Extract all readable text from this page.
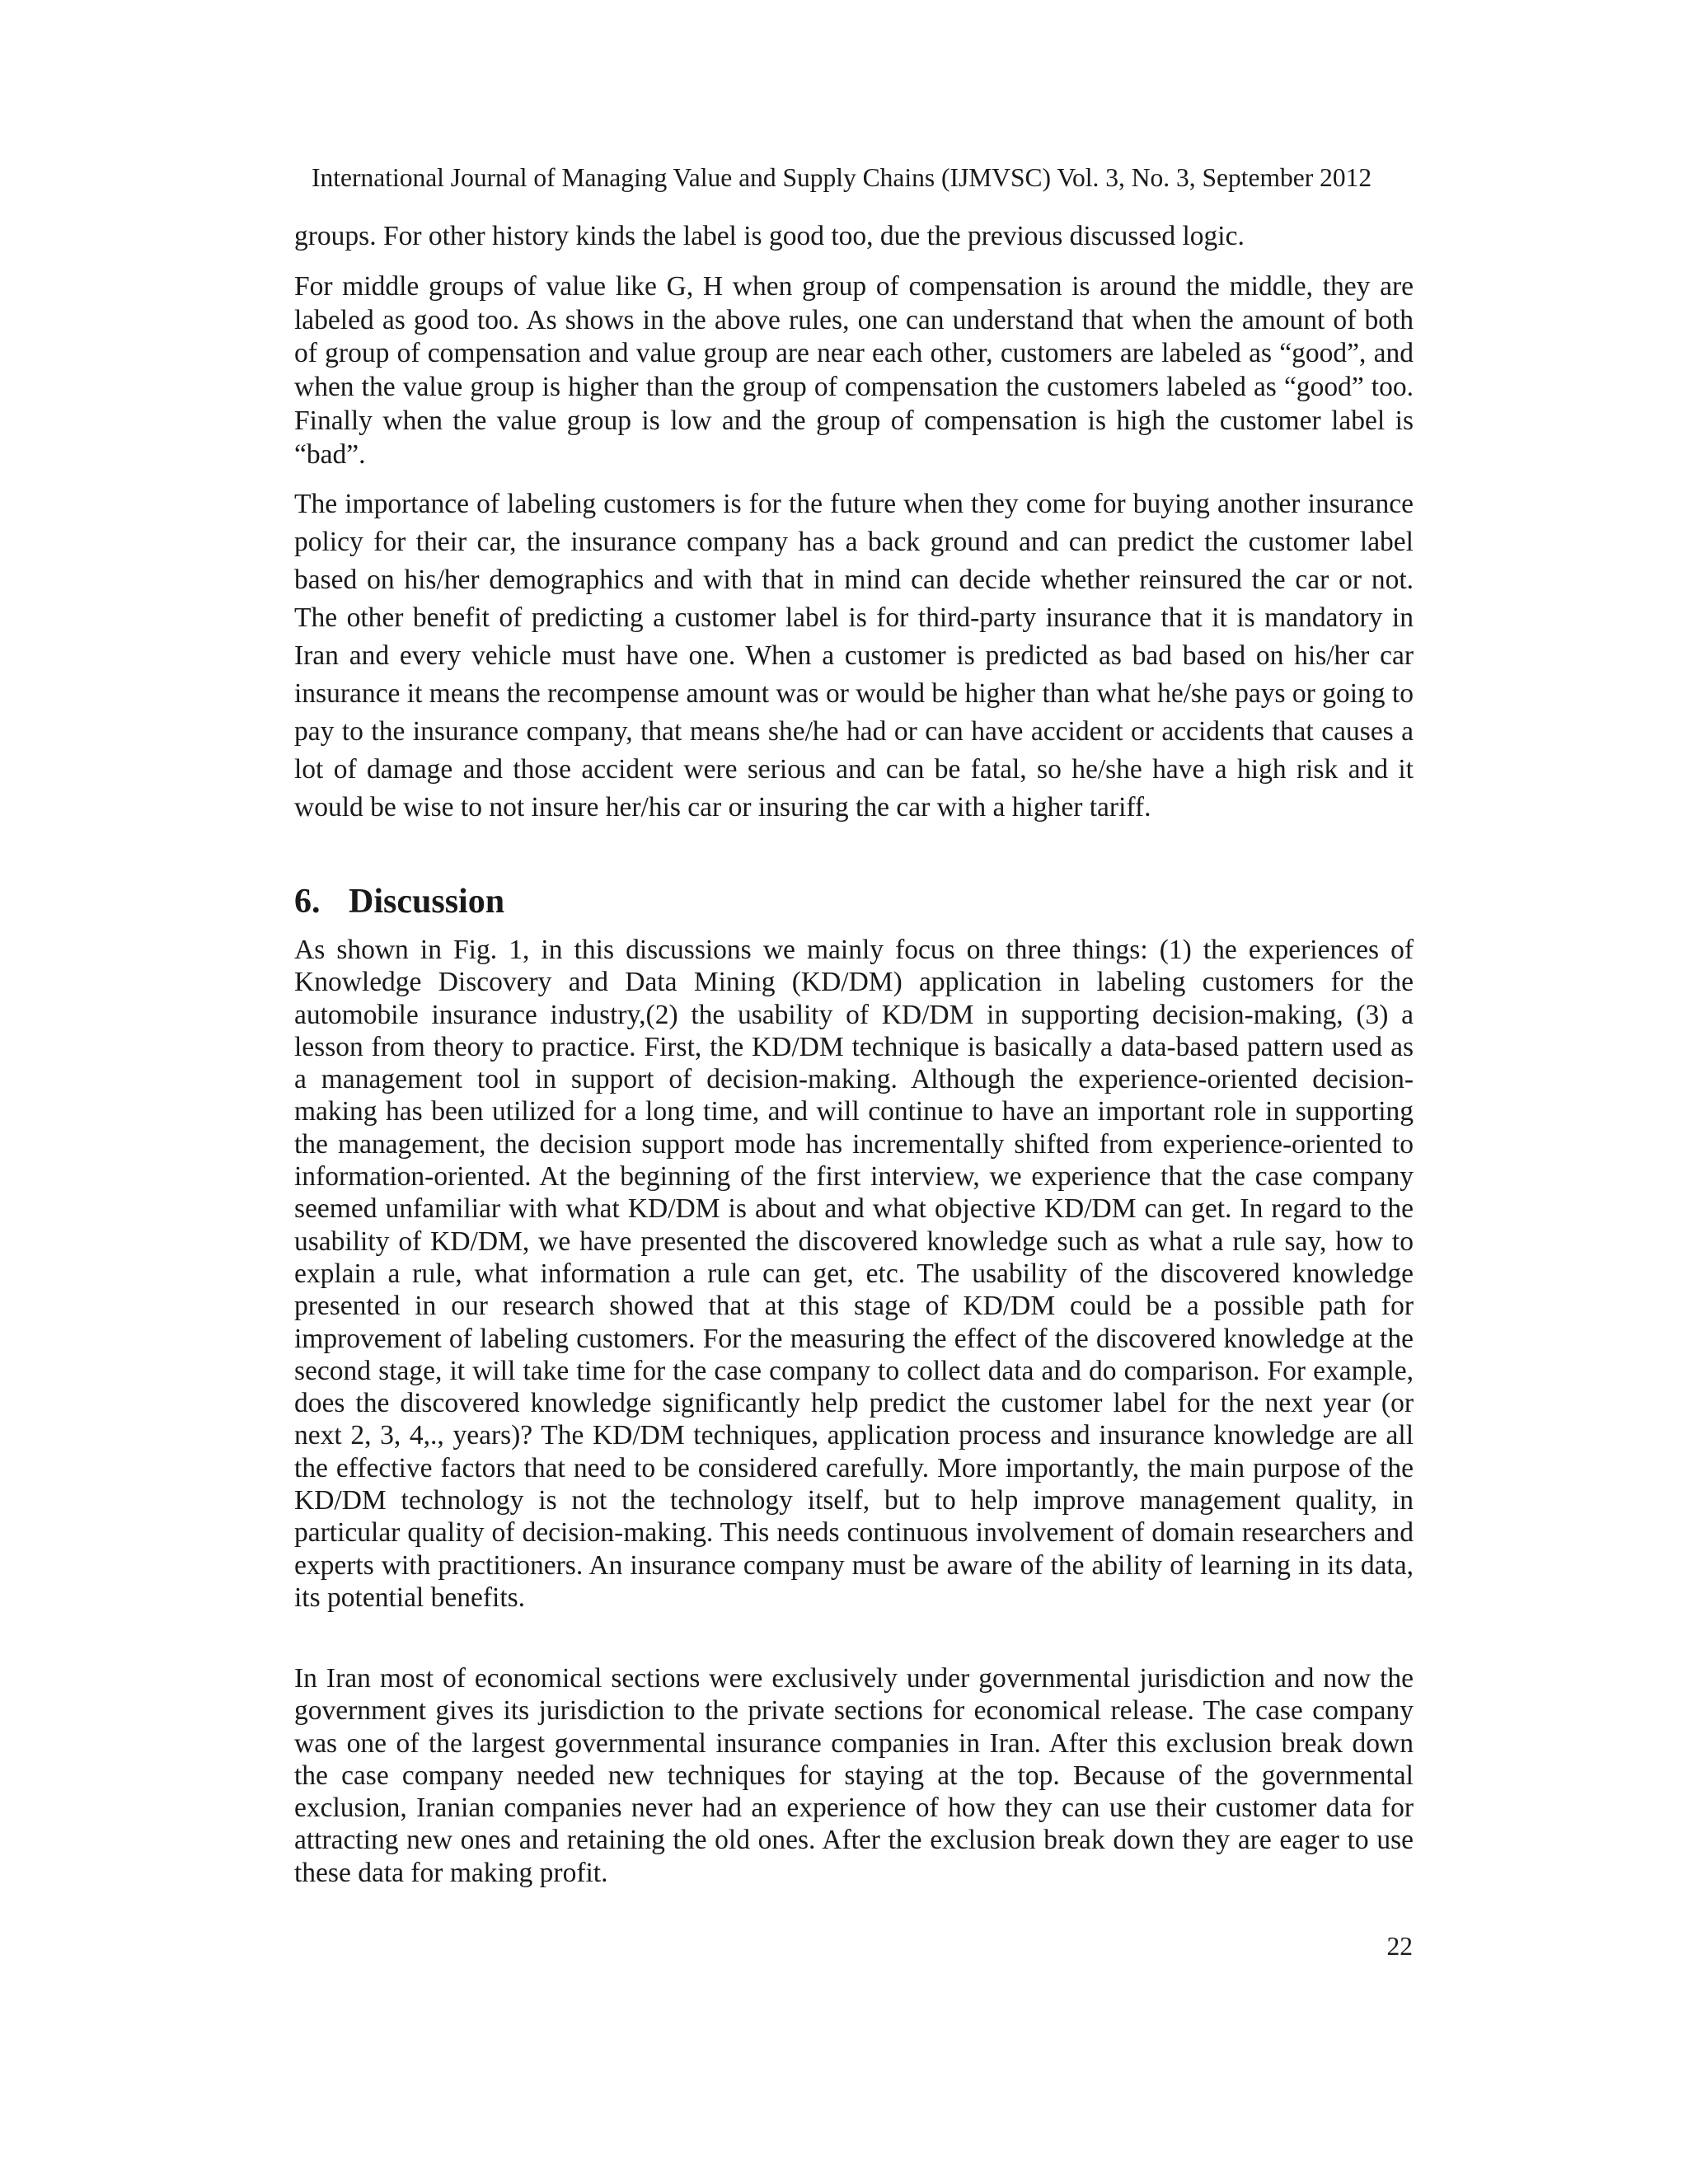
International Journal of Managing Value and Supply Chains (IJMVSC) Vol. 3, No. 3, September 2012

groups. For other history kinds the label is good too, due the previous discussed logic.

For middle groups of value like G, H when group of compensation is around the middle, they are labeled as good too. As shows in the above rules, one can understand that when the amount of both of group of compensation and value group are near each other, customers are labeled as “good”, and when the value group is higher than the group of compensation the customers labeled as “good” too. Finally when the value group is low and the group of compensation is high the customer label is “bad”.

The importance of labeling customers is for the future when they come for buying another insurance policy for their car, the insurance company has a back ground and can predict the customer label based on his/her demographics and with that in mind can decide whether reinsured the car or not. The other benefit of predicting a customer label is for third-party insurance that it is mandatory in Iran and every vehicle must have one. When a customer is predicted as bad based on his/her car insurance it means the recompense amount was or would be higher than what he/she pays or going to pay to the insurance company, that means she/he had or can have accident or accidents that causes a lot of damage and those accident were serious and can be fatal, so he/she have a high risk and it would be wise to not insure her/his car or insuring the car with a higher tariff.

6. Discussion

As shown in Fig. 1, in this discussions we mainly focus on three things: (1) the experiences of Knowledge Discovery and Data Mining (KD/DM) application in labeling customers for the automobile insurance industry,(2) the usability of KD/DM in supporting decision-making, (3) a lesson from theory to practice. First, the KD/DM technique is basically a data-based pattern used as a management tool in support of decision-making. Although the experience-oriented decision-making has been utilized for a long time, and will continue to have an important role in supporting the management, the decision support mode has incrementally shifted from experience-oriented to information-oriented. At the beginning of the first interview, we experience that the case company seemed unfamiliar with what KD/DM is about and what objective KD/DM can get. In regard to the usability of KD/DM, we have presented the discovered knowledge such as what a rule say, how to explain a rule, what information a rule can get, etc. The usability of the discovered knowledge presented in our research showed that at this stage of KD/DM could be a possible path for improvement of labeling customers. For the measuring the effect of the discovered knowledge at the second stage, it will take time for the case company to collect data and do comparison. For example, does the discovered knowledge significantly help predict the customer label for the next year (or next 2, 3, 4,., years)? The KD/DM techniques, application process and insurance knowledge are all the effective factors that need to be considered carefully. More importantly, the main purpose of the KD/DM technology is not the technology itself, but to help improve management quality, in particular quality of decision-making. This needs continuous involvement of domain researchers and experts with practitioners. An insurance company must be aware of the ability of learning in its data, its potential benefits.

In Iran most of economical sections were exclusively under governmental jurisdiction and now the government gives its jurisdiction to the private sections for economical release. The case company was one of the largest governmental insurance companies in Iran. After this exclusion break down the case company needed new techniques for staying at the top. Because of the governmental exclusion, Iranian companies never had an experience of how they can use their customer data for attracting new ones and retaining the old ones. After the exclusion break down they are eager to use these data for making profit.

22
